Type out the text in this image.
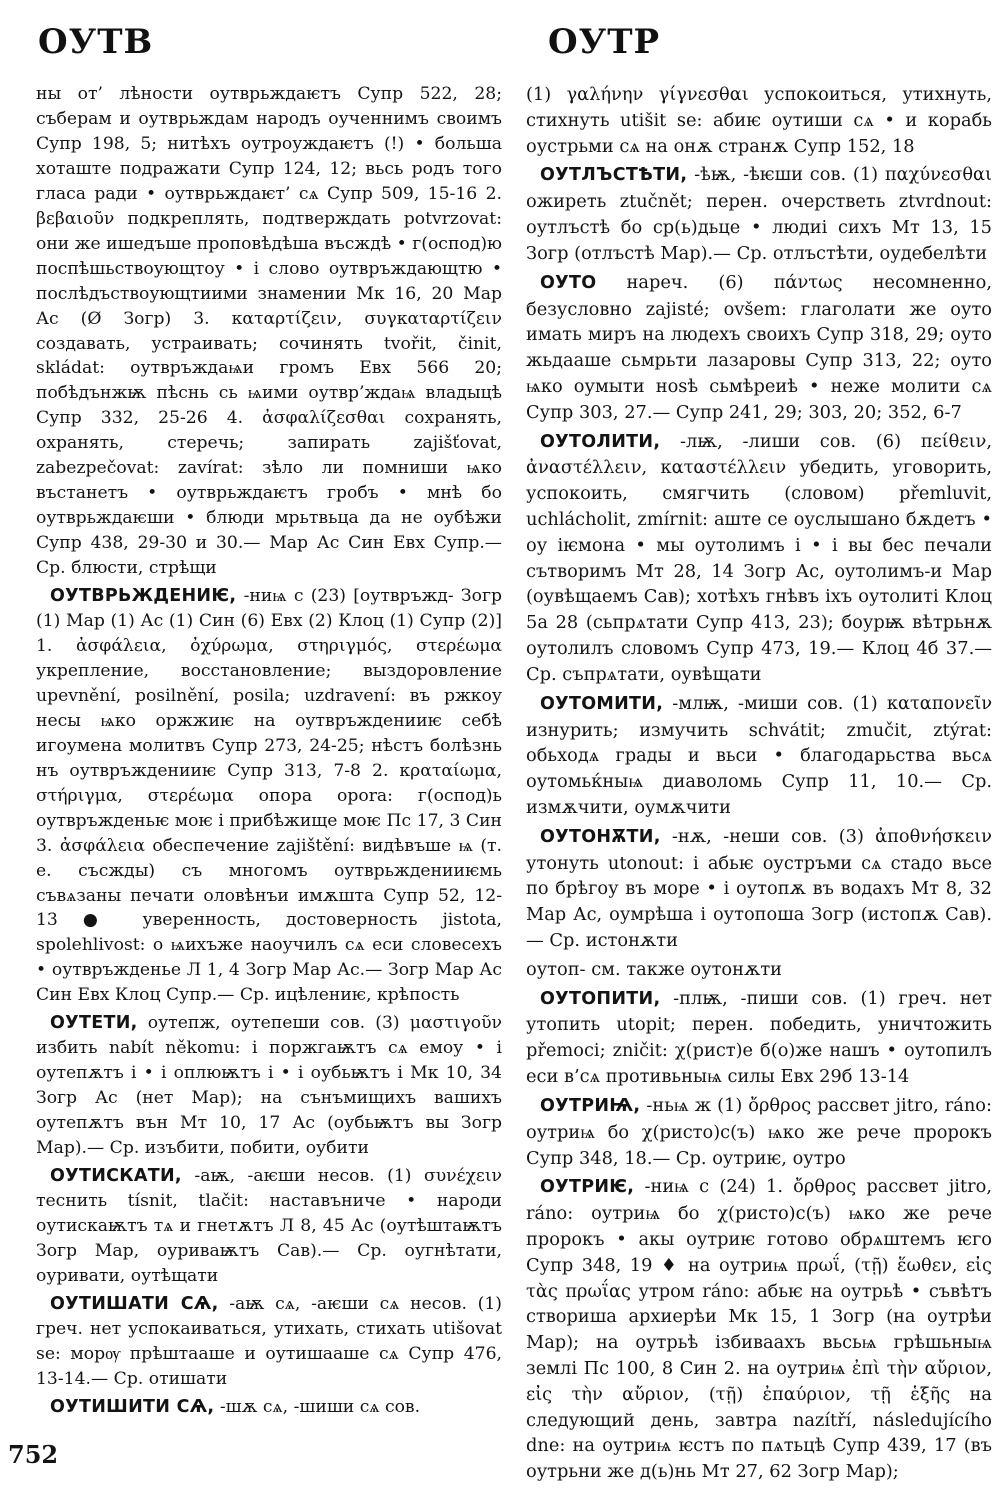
ОУТВ	ОУТР

ны от’ лѣности оутврьждаѥтъ Супр 522, 28; съберaм и оутврьждaм народъ оученнимъ своимъ Супр 198, 5; нитѣхъ оутроуждаѥтъ (!) • больша хоташте подражати Супр 124, 12; вьсь родъ того гласа ради • оутврьждаѥт’ сѧ Супр 509, 15-16 2. βεβαιοῦν подкреплять, подтверждать potvrzovat: они же ишедъше проповѣдѣша въсждѣ • г(оспод)ю поспѣшьствоующтоу • і слово оутвръждающтю • послѣдъствоующтиими знамении Мк 16, 20 Мар Ас (Ø Зогр) 3. καταρτίζειν, συγκαταρτίζειν создавать, устраивать; сочинять tvořit, činit, skládat: оутвръждаѩи громъ Евх 566 20; побѣдънжѭ пѣснь сь ѩими оутвр’ждаѩ владыцѣ Супр 332, 25-26 4. ἀσφαλίζεσθαι сохранять, охранять, стеречь; запирать zajišťovat, zabezpečovat: zavírat: зѣло ли помниши ѩко въстанетъ • оутврьждаѥтъ гробъ • мнѣ бо оутврьждаѥши • блюди мрьтвьца да не оубѣжи Супр 438, 29-30 и 30.— Мар Ас Син Евх Супр.— Ср. блюсти, стрѣщи

ОУТВРЬЖДЕНИѤ, -ниѩ с (23) [оутвръжд- Зогр (1) Мар (1) Ас (1) Син (6) Евх (2) Клоц (1) Супр (2)] 1. ἀσφάλεια, ὀχύρωμα, στηριγμός, στερέωμα укрепление, восстановление; выздоровление upevnění, posilnění, posila; uzdravení: въ ржкоу несы ѩко оржжиѥ на оутвръжденииѥ себѣ игоумена молитвъ Супр 273, 24-25; нѣстъ болѣзнь нъ оутвръжденииѥ Супр 313, 7-8 2. κραταίωμα, στήριγμα, στερέωμα опора opora: г(оспод)ь оутвръжденьѥ моѥ і прибѣжище моѥ Пс 17, 3 Син 3. ἀσφάλεια обеспечение zajištění: видѣвъше ѩ (т. е. съсжды) съ многомъ оутврьжденииѥмь съвѧзаны печати оловѣнъи имѫшта Супр 52, 12-13 ● уверенность, достоверность jistota, spolehlivost: о ѩихъже наоучилъ сѧ еси словесехъ • оутвръжденье Л 1, 4 Зогр Мар Ас.— Зогр Мар Ас Син Евх Клоц Супр.— Ср. ицѣлениѥ, крѣпость

ОУТЕТИ, оутепж, оутепеши сов. (3) μαστιγοῦν избить nabít někomu: і поржгаѭтъ сѧ емоу • і оутепѫтъ і • і оплюѭтъ і • і оубьѭтъ і Мк 10, 34 Зогр Ас (нет Мар); на сънъмищихъ вашихъ оутепѫтъ вън Мт 10, 17 Ас (оубьѭтъ вы Зогр Мар).— Ср. изъбити, побити, оубити

ОУТИСКАТИ, -аѭ, -аѥши несов. (1) συνέχειν теснить tísnit, tlačit: наставъниче • народи оутискаѭтъ тѧ и гнетѫтъ Л 8, 45 Ас (оутѣштаѭтъ Зогр Мар, оуриваѭтъ Сав).— Ср. оугнѣтати, оуривати, оутѣщати

ОУТИШАТИ СѦ, -аѭ сѧ, -аѥши сѧ несов. (1) греч. нет успокаиваться, утихать, стихать utišovat se: морѹ прѣштааше и оутишааше сѧ Супр 476, 13-14.— Ср. отишати

ОУТИШИТИ СѦ, -шѫ сѧ, -шиши сѧ сов.

(1) γαλήνην γίγνεσθαι успокоиться, утихнуть, стихнуть utišit se: абиѥ оутиши сѧ • и корабь оустрьми сѧ на онѫ странѫ Супр 152, 18

ОУТЛЪСТѢТИ, -ѣѭ, -ѣѥши сов. (1) παχύνεσθαι ожиреть ztučnět; перен. очерстветь ztvrdnout: оутлъстѣ бо ср(ь)дьце • людиі сихъ Мт 13, 15 Зогр (отлъстѣ Мар).— Ср. отлъстѣти, оудебелѣти

ОУТО нареч. (6) πάντως несомненно, безусловно zajisté; ovšem: глаголати же оуто имать миръ на людехъ своихъ Супр 318, 29; оуто жьдааше сьмрьти лазаровы Супр 313, 22; оуто ѩко оумыти ноѕѣ сьмѣреиѣ • неже молити сѧ Супр 303, 27.— Супр 241, 29; 303, 20; 352, 6-7

ОУТОЛИТИ, -лѭ, -лиши сов. (6) πείθειν, ἀναστέλλειν, καταστέλλειν убедить, уговорить, успокоить, смягчить (словом) přemluvit, uchlácholit, zmírnit: аште се оуслышано бѫдетъ • оу іѥмона • мы оутолимъ і • і вы бес печали сътворимъ Мт 28, 14 Зогр Ас, оутолимъ-и Мар (оувѣщаемъ Сав); хотѣхъ гнѣвъ іхъ оутолиті Клоц 5а 28 (сьпрѧтати Супр 413, 23); боурѭ вѣтрьнѫ оутолилъ словомъ Супр 473, 19.— Клоц 4б 37.— Ср. съпрѧтати, оувѣщати

ОУТОМИТИ, -млѭ, -миши сов. (1) καταπονεῖν изнурить; измучить schvátit; zmučit, ztýrat: обьходѧ грады и вьси • благодарьства вьсѧ оутомьќныѩ диаволомь Супр 11, 10.— Ср. измѫчити, оумѫчити

ОУТОНѪТИ, -нѫ, -неши сов. (3) ἀποθνήσκειν утонуть utonout: і абьѥ оустръми сѧ стадо вьсе по брѣгоу въ море • і оутопѫ въ водахъ Мт 8, 32 Мар Ас, оумрѣша і оутопоша Зогр (истопѫ Сав).— Ср. истонѫти

оутоп- см. также оутонѫти

ОУТОПИТИ, -плѭ, -пиши сов. (1) греч. нет утопить utopit; перен. победить, уничтожить přemoci; zničit: χ(рист)е б(о)же нашъ • оутопилъ еси в’сѧ противьныѩ силы Евх 29б 13-14

ОУТРИѨ, -ньѩ ж (1) ὄρθρος рассвет jitro, ráno: оутриѩ бо χ(ристо)с(ъ) ѩко же рече пророкъ Супр 348, 18.— Ср. оутриѥ, оутро

ОУТРИѤ, -ниѩ с (24) 1. ὄρθρος рассвет jitro, ráno: оутриѩ бо χ(ристо)с(ъ) ѩко же рече пророкъ • акы оутриѥ готово обрѧштемъ ѥго Супр 348, 19 ♦ на оутриѩ πρωΐ, (τῇ) ἕωθεν, εἰς τὰς πρωΐας утром ráno: абьѥ на оутрьѣ • съвѣтъ створиша архиерѣи Мк 15, 1 Зогр (на оутрѣи Мар); на оутрьѣ ізбиваахъ вьсьѩ грѣшьныѩ землі Пс 100, 8 Син 2. на оутриѩ ἐπὶ τὴν αὔριον, εἰς τὴν αὔριον, (τῇ) ἐπαύριον, τῇ ἑξῆς на следующий день, завтра nazítří, následujícího dne: на оутриѩ ѥстъ по пѧтьцѣ Супр 439, 17 (въ оутрьни же д(ь)нь Мт 27, 62 Зогр Мар);

752
